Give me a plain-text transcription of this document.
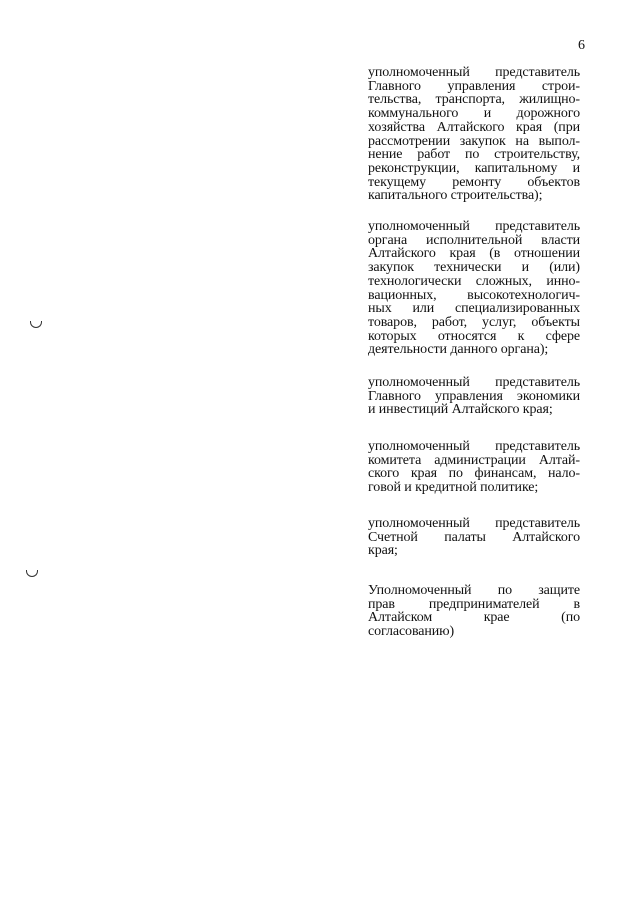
6
уполномоченный представитель
Главного управления строи-
тельства, транспорта, жилищно-
коммунального и дорожного
хозяйства Алтайского края (при
рассмотрении закупок на выпол-
нение работ по строительству,
реконструкции, капитальному и
текущему ремонту объектов
капитального строительства);
уполномоченный представитель
органа исполнительной власти
Алтайского края (в отношении
закупок технически и (или)
технологически сложных, инно-
вационных, высокотехнологич-
ных или специализированных
товаров, работ, услуг, объекты
которых относятся к сфере
деятельности данного органа);
уполномоченный представитель
Главного управления экономики
и инвестиций Алтайского края;
уполномоченный представитель
комитета администрации Алтай-
ского края по финансам, нало-
говой и кредитной политике;
уполномоченный представитель
Счетной палаты Алтайского
края;
Уполномоченный по защите
прав предпринимателей в
Алтайском крае (по
согласованию)
